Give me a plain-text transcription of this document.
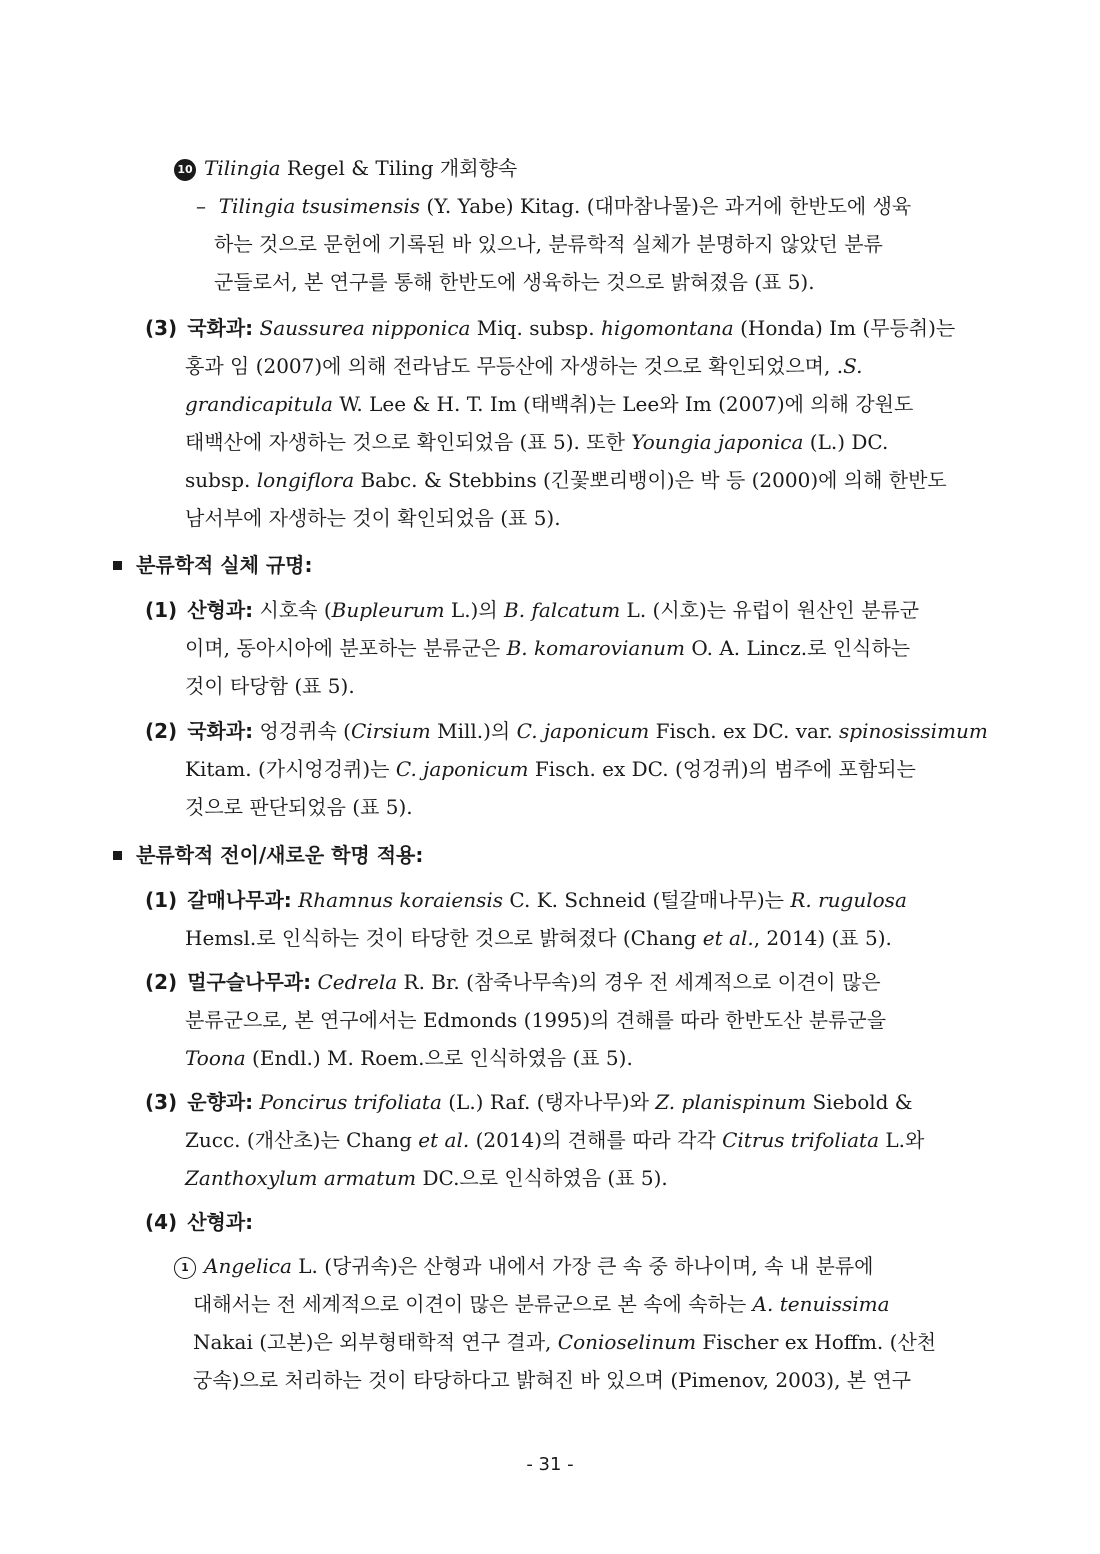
10 Tilingia Regel & Tiling 개회향속
– Tilingia tsusimensis (Y. Yabe) Kitag. (대마참나물)은 과거에 한반도에 생육
하는 것으로 문헌에 기록된 바 있으나, 분류학적 실체가 분명하지 않았던 분류
군들로서, 본 연구를 통해 한반도에 생육하는 것으로 밝혀졌음 (표 5).
(3) 국화과: Saussurea nipponica Miq. subsp. higomontana (Honda) Im (무등취)는
홍과 임 (2007)에 의해 전라남도 무등산에 자생하는 것으로 확인되었으며, .S.
grandicapitula W. Lee & H. T. Im (태백취)는 Lee와 Im (2007)에 의해 강원도
태백산에 자생하는 것으로 확인되었음 (표 5). 또한 Youngia japonica (L.) DC.
subsp. longiflora Babc. & Stebbins (긴꽃뽀리뱅이)은 박 등 (2000)에 의해 한반도
남서부에 자생하는 것이 확인되었음 (표 5).
분류학적 실체 규명:
(1) 산형과: 시호속 (Bupleurum L.)의 B. falcatum L. (시호)는 유럽이 원산인 분류군
이며, 동아시아에 분포하는 분류군은 B. komarovianum O. A. Lincz.로 인식하는
것이 타당함 (표 5).
(2) 국화과: 엉겅퀴속 (Cirsium Mill.)의 C. japonicum Fisch. ex DC. var. spinosissimum
Kitam. (가시엉겅퀴)는 C. japonicum Fisch. ex DC. (엉겅퀴)의 범주에 포함되는
것으로 판단되었음 (표 5).
분류학적 전이/새로운 학명 적용:
(1) 갈매나무과: Rhamnus koraiensis C. K. Schneid (털갈매나무)는 R. rugulosa
Hemsl.로 인식하는 것이 타당한 것으로 밝혀졌다 (Chang et al., 2014) (표 5).
(2) 멀구슬나무과: Cedrela R. Br. (참죽나무속)의 경우 전 세계적으로 이견이 많은
분류군으로, 본 연구에서는 Edmonds (1995)의 견해를 따라 한반도산 분류군을
Toona (Endl.) M. Roem.으로 인식하였음 (표 5).
(3) 운향과: Poncirus trifoliata (L.) Raf. (탱자나무)와 Z. planispinum Siebold &
Zucc. (개산초)는 Chang et al. (2014)의 견해를 따라 각각 Citrus trifoliata L.와
Zanthoxylum armatum DC.으로 인식하였음 (표 5).
(4) 산형과:
1 Angelica L. (당귀속)은 산형과 내에서 가장 큰 속 중 하나이며, 속 내 분류에
대해서는 전 세계적으로 이견이 많은 분류군으로 본 속에 속하는 A. tenuissima
Nakai (고본)은 외부형태학적 연구 결과, Conioselinum Fischer ex Hoffm. (산천
궁속)으로 처리하는 것이 타당하다고 밝혀진 바 있으며 (Pimenov, 2003), 본 연구
- 31 -
